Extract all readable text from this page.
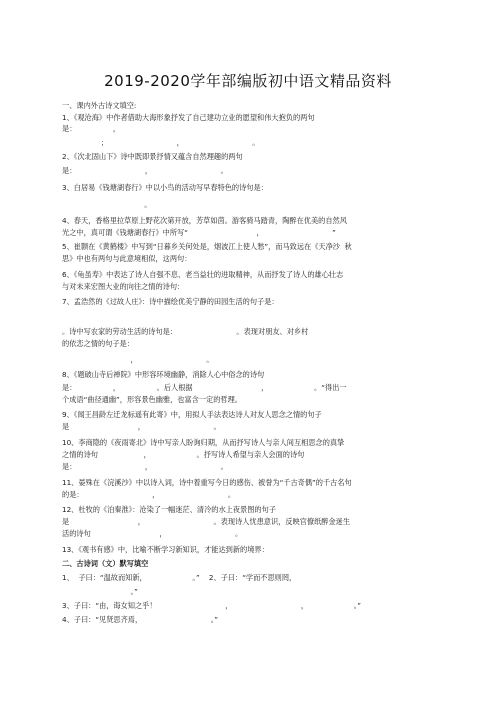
2019-2020学年部编版初中语文精品资料
一、课内外古诗文填空:
1、《观沧海》中作者借助大海形象抒发了自己建功立业的愿望和伟大抱负的两句
是：                ，
；                              ，                              。
2、《次北固山下》诗中既即景抒情又蕴含自然理趣的两句
是：                              ，                              。
3、白居易《钱塘湖春行》中以小鸟的活动写早春特色的诗句是：
。
4、春天，香格里拉草原上野花次第开放，芳草如茵。游客骑马踏青，陶醉在优美的自然风
光之中，真可谓《钱塘湖春行》中所写“                              ，                              ”
5、崔颢在《黄鹤楼》中写到“日暮乡关何处是，烟波江上使人愁”，而马致远在《天净沙  秋
思》中也有两句与此意境相似，这两句：
6、《龟虽寿》中表达了诗人自强不息、老当益壮的进取精神，从而抒发了诗人的雄心壮志
与对未来宏图大业的向往之情的诗句：
7、孟浩然的《过故人庄》：诗中描绘优美宁静的田园生活的句子是：
。诗中写农家的劳动生活的诗句是：                          。表现对朋友、对乡村
的依恋之情的句子是：
，                              。
8、《题破山寺后禅院》中形容环境幽静，消除人心中俗念的诗句
是：                ，                。后人根据                              ，                    。“得出一
个成语“曲径通幽”，形容景色幽雅，也富含一定的哲理。
9、《闻王昌龄左迁龙标遥有此寄》中，用拟人手法表达诗人对友人思念之情的句子
是                              ，                              。
10、李商隐的《夜雨寄北》诗中写亲人盼询归期，从而抒写诗人与亲人间互相思念的真挚
之情的诗句                    ，                    。抒写诗人希望与亲人会面的诗句
是：                              ，                              。
11、晏殊在《浣溪沙》中以诗入词，诗中着重写今日的感伤、被誉为“千古奇偶”的千古名句
的是：                              ，                              。
12、杜牧的《泊秦淮》：沧染了一幅迷茫、清冷的水上夜景图的句子
是                              ，                              。表现诗人忧患意识，反映官僚纸醉金迷生
活的诗句                              ，                              。
13、《观书有感》中，比喻不断学习新知识，才能达到新的境界：
二、古诗词（文）默写填空
1、  子曰：“温故而知新，                    。”    2、子曰：“学而不思则罔，
。”
3、子曰：“由，诲女知之乎！                              ，                              ，                    。”
4、子曰：“见贤思齐焉，                              。”
